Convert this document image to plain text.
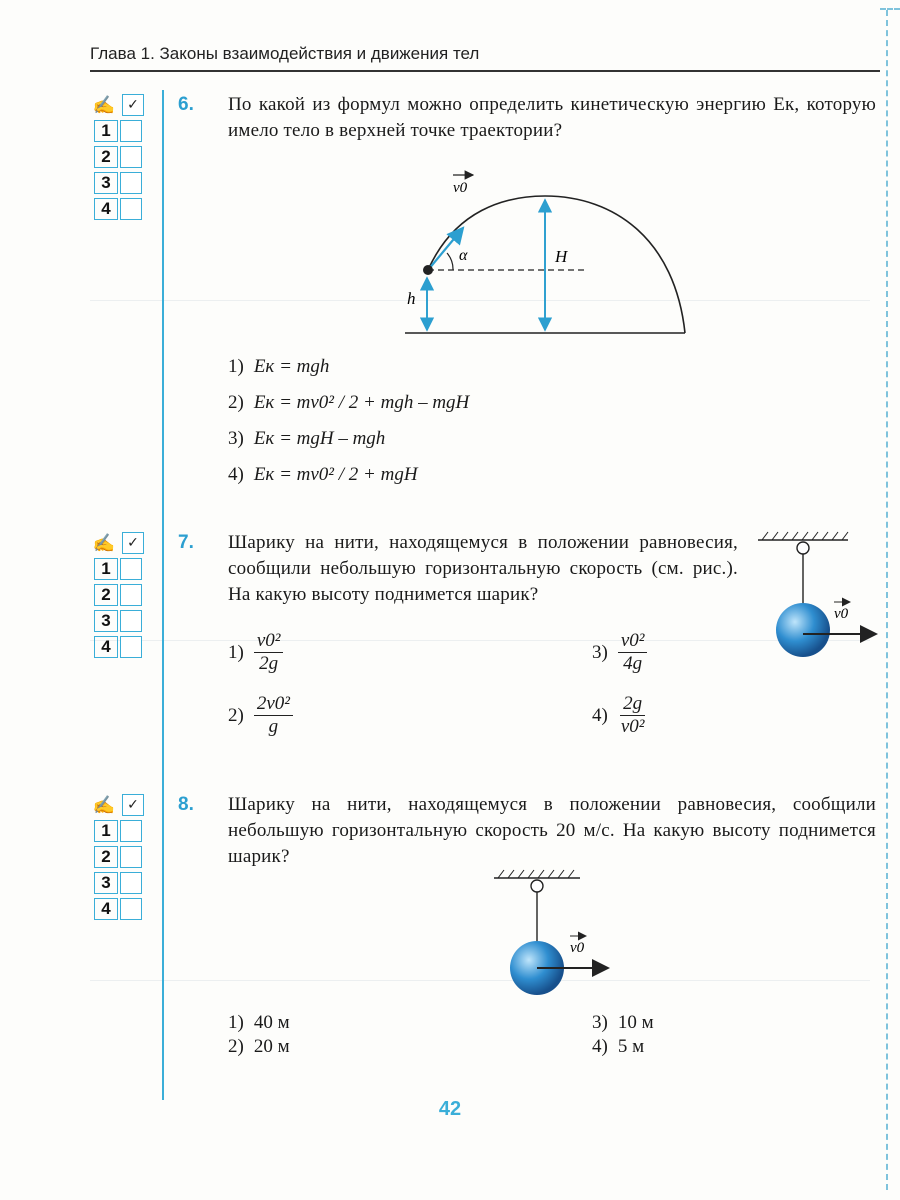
Глава 1. Законы взаимодействия и движения тел
✍ ✓
1
2
3
4
6. По какой из формул можно определить кинетическую энергию Eк, которую имело тело в верхней точке траектории?
v0
α	H
h
1) Eк = mgh
2) Eк = mv0² / 2 + mgh – mgH
3) Eк = mgH – mgh
4) Eк = mv0² / 2 + mgH
✍ ✓
1
2
3
4
7. Шарику на нити, находящемуся в положении равновесия, сообщили небольшую горизонтальную скорость (см. рис.). На какую высоту поднимется шарик?
v0
$1) \frac{\text{v0²}}{2g}$	$3) \frac{\text{v0²}}{4g}$
$2) \frac{\text{2v0²}}{g}$	$4) \frac{2g}{\text{v0²}}$
✍ ✓
1
2
3
4
8. Шарику на нити, находящемуся в положении равновесия, сообщили небольшую горизонтальную скорость 20 м/с. На какую высоту поднимется шарик?
v0
1) 40 м	3) 10 м
2) 20 м	4) 5 м
42
